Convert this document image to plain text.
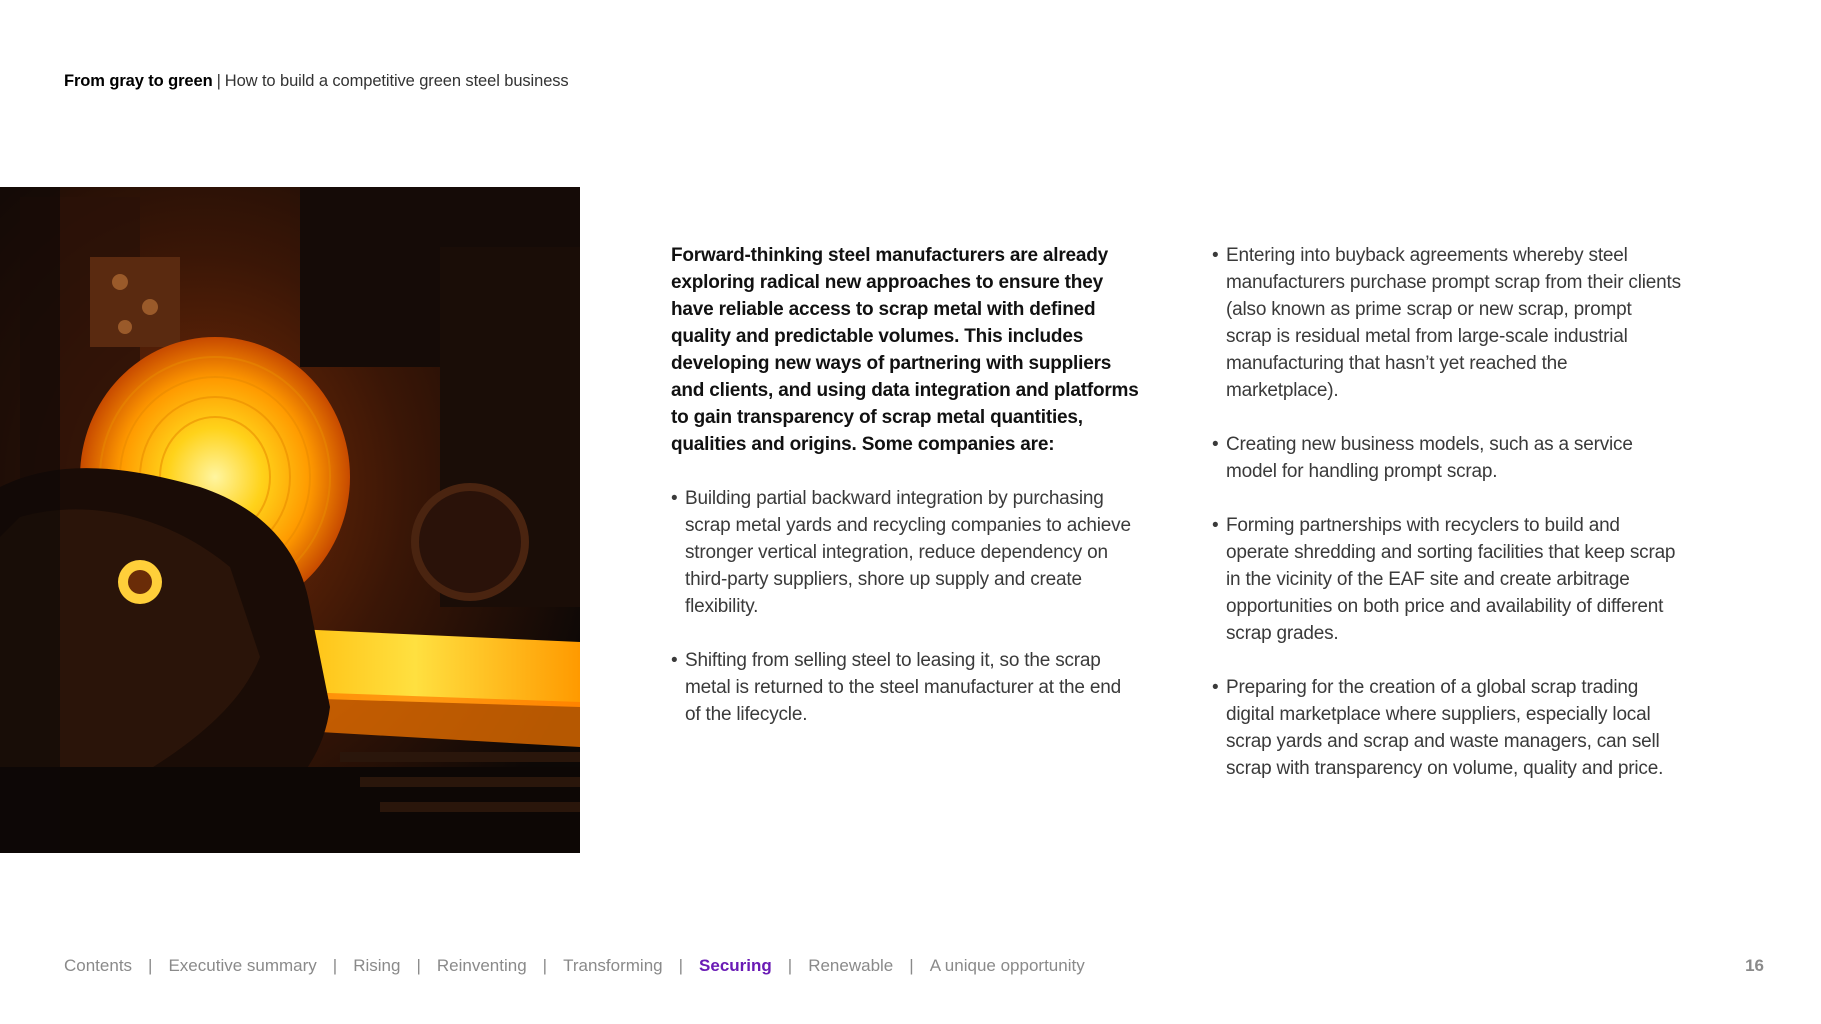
From gray to green | How to build a competitive green steel business

Forward-thinking steel manufacturers are already exploring radical new approaches to ensure they have reliable access to scrap metal with defined quality and predictable volumes. This includes developing new ways of partnering with suppliers and clients, and using data integration and platforms to gain transparency of scrap metal quantities, qualities and origins. Some companies are:

• Building partial backward integration by purchasing scrap metal yards and recycling companies to achieve stronger vertical integration, reduce dependency on third-party suppliers, shore up supply and create flexibility.
• Shifting from selling steel to leasing it, so the scrap metal is returned to the steel manufacturer at the end of the lifecycle.
• Entering into buyback agreements whereby steel manufacturers purchase prompt scrap from their clients (also known as prime scrap or new scrap, prompt scrap is residual metal from large-scale industrial manufacturing that hasn’t yet reached the marketplace).
• Creating new business models, such as a service model for handling prompt scrap.
• Forming partnerships with recyclers to build and operate shredding and sorting facilities that keep scrap in the vicinity of the EAF site and create arbitrage opportunities on both price and availability of different scrap grades.
• Preparing for the creation of a global scrap trading digital marketplace where suppliers, especially local scrap yards and scrap and waste managers, can sell scrap with transparency on volume, quality and price.
Contents | Executive summary | Rising | Reinventing | Transforming | Securing | Renewable | A unique opportunity	16
